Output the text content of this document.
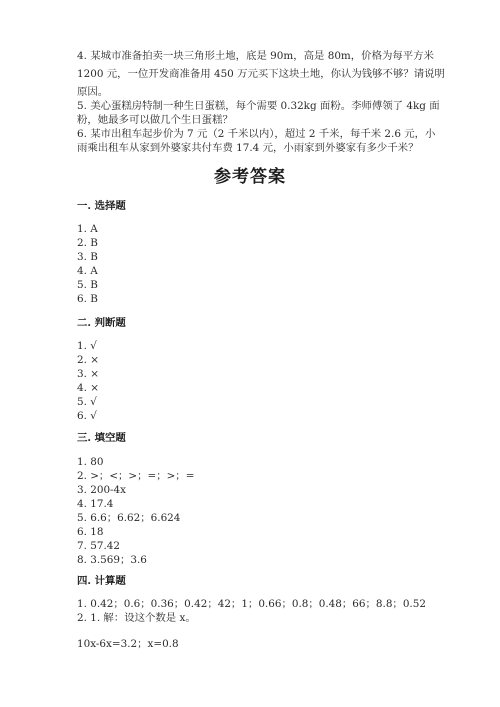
4. 某城市准备拍卖一块三角形土地，底是 90m，高是 80m，价格为每平方米
1200 元，一位开发商准备用 450 万元买下这块土地，你认为钱够不够？请说明
原因。
5. 美心蛋糕房特制一种生日蛋糕，每个需要 0.32kg 面粉。李师傅领了 4kg 面
粉，她最多可以做几个生日蛋糕？
6. 某市出租车起步价为 7 元（2 千米以内），超过 2 千米，每千米 2.6 元，小
雨乘出租车从家到外婆家共付车费 17.4 元，小雨家到外婆家有多少千米？
参考答案
一. 选择题
1. A
2. B
3. B
4. A
5. B
6. B
二. 判断题
1. √
2. ×
3. ×
4. ×
5. √
6. √
三. 填空题
1. 80
2. >；<；>；=；>；=
3. 200-4x
4. 17.4
5. 6.6；6.62；6.624
6. 18
7. 57.42
8. 3.569；3.6
四. 计算题
1. 0.42；0.6；0.36；0.42；42；1；0.66；0.8；0.48；66；8.8；0.52
2. 1. 解：设这个数是 x。
10x-6x=3.2；x=0.8
